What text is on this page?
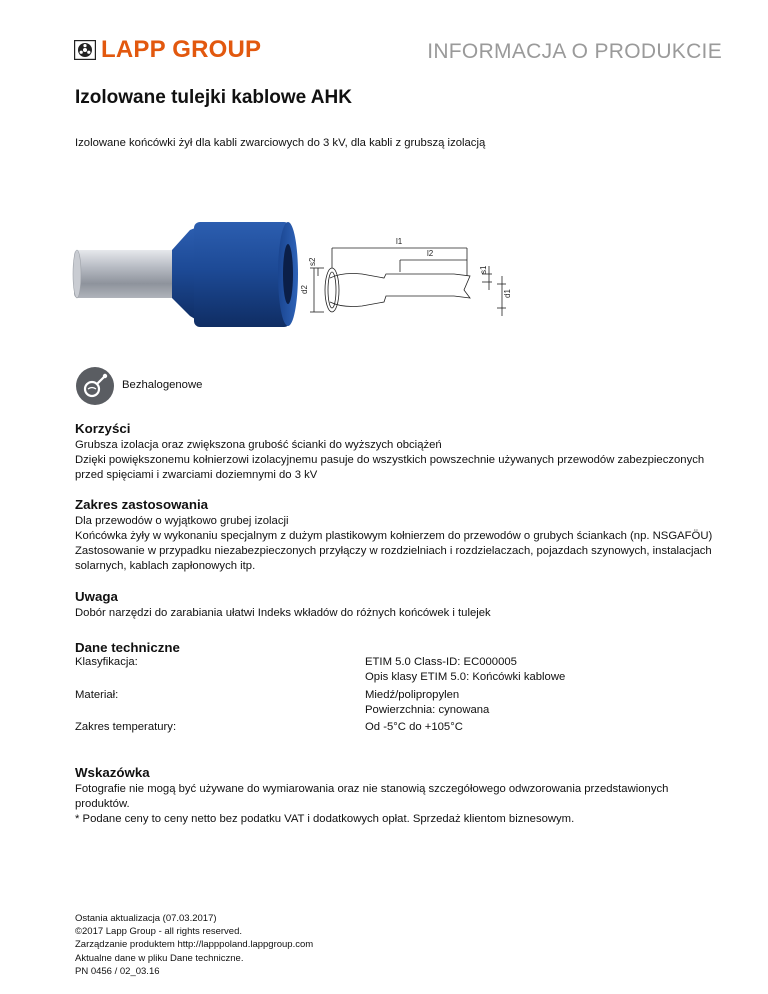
LAPP GROUP	INFORMACJA O PRODUKCIE
Izolowane tulejki kablowe AHK
Izolowane końcówki żył dla kabli zwarciowych do 3 kV, dla kabli z grubszą izolacją
l1
l2
d2
s2
s1
d1
Bezhalogenowe
Korzyści

Grubsza izolacja oraz zwiększona grubość ścianki do wyższych obciążeń

Dzięki powiększonemu kołnierzowi izolacyjnemu pasuje do wszystkich powszechnie używanych przewodów zabezpieczonych

przed spięciami i zwarciami doziemnymi do 3 kV

Zakres zastosowania

Dla przewodów o wyjątkowo grubej izolacji

Końcówka żyły w wykonaniu specjalnym z dużym plastikowym kołnierzem do przewodów o grubych ściankach (np. NSGAFÖU)

Zastosowanie w przypadku niezabezpieczonych przyłączy w rozdzielniach i rozdzielaczach, pojazdach szynowych, instalacjach

solarnych, kablach zapłonowych itp.

Uwaga

Dobór narzędzi do zarabiania ułatwi Indeks wkładów do różnych końcówek i tulejek

Dane techniczne
Klasyfikacja:	ETIM 5.0 Class-ID: EC000005
Opis klasy ETIM 5.0: Końcówki kablowe
Materiał:	Miedź/polipropylen
Powierzchnia: cynowana
Zakres temperatury:	Od -5°C do +105°C
Wskazówka

Fotografie nie mogą być używane do wymiarowania oraz nie stanowią szczegółowego odwzorowania przedstawionych

produktów.

* Podane ceny to ceny netto bez podatku VAT i dodatkowych opłat. Sprzedaż klientom biznesowym.

Ostania aktualizacja (07.03.2017)
©2017 Lapp Group - all rights reserved.
Zarządzanie produktem http://lapppoland.lappgroup.com
Aktualne dane w pliku Dane techniczne.
PN 0456 / 02_03.16
